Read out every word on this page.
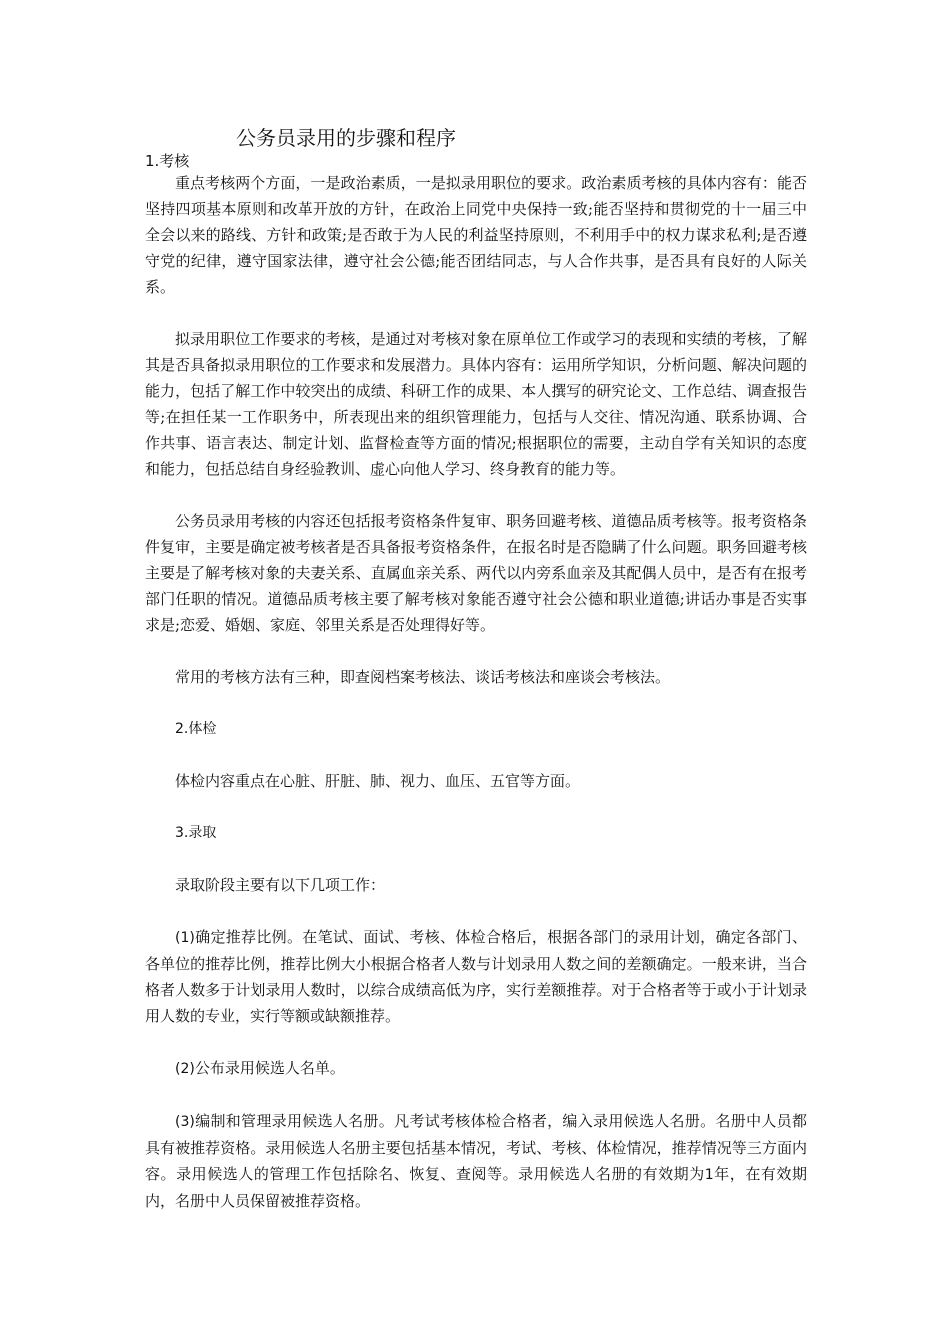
公务员录用的步骤和程序
1.考核

重点考核两个方面，一是政治素质，一是拟录用职位的要求。政治素质考核的具体内容有：能否坚持四项基本原则和改革开放的方针，在政治上同党中央保持一致;能否坚持和贯彻党的十一届三中全会以来的路线、方针和政策;是否敢于为人民的利益坚持原则，不利用手中的权力谋求私利;是否遵守党的纪律，遵守国家法律，遵守社会公德;能否团结同志，与人合作共事，是否具有良好的人际关系。

拟录用职位工作要求的考核，是通过对考核对象在原单位工作或学习的表现和实绩的考核，了解其是否具备拟录用职位的工作要求和发展潜力。具体内容有：运用所学知识，分析问题、解决问题的能力，包括了解工作中较突出的成绩、科研工作的成果、本人撰写的研究论文、工作总结、调查报告等;在担任某一工作职务中，所表现出来的组织管理能力，包括与人交往、情况沟通、联系协调、合作共事、语言表达、制定计划、监督检查等方面的情况;根据职位的需要，主动自学有关知识的态度和能力，包括总结自身经验教训、虚心向他人学习、终身教育的能力等。

公务员录用考核的内容还包括报考资格条件复审、职务回避考核、道德品质考核等。报考资格条件复审，主要是确定被考核者是否具备报考资格条件，在报名时是否隐瞒了什么问题。职务回避考核主要是了解考核对象的夫妻关系、直属血亲关系、两代以内旁系血亲及其配偶人员中，是否有在报考部门任职的情况。道德品质考核主要了解考核对象能否遵守社会公德和职业道德;讲话办事是否实事求是;恋爱、婚姻、家庭、邻里关系是否处理得好等。

常用的考核方法有三种，即查阅档案考核法、谈话考核法和座谈会考核法。

2.体检

体检内容重点在心脏、肝脏、肺、视力、血压、五官等方面。

3.录取

录取阶段主要有以下几项工作：

(1)确定推荐比例。在笔试、面试、考核、体检合格后，根据各部门的录用计划，确定各部门、各单位的推荐比例，推荐比例大小根据合格者人数与计划录用人数之间的差额确定。一般来讲，当合格者人数多于计划录用人数时，以综合成绩高低为序，实行差额推荐。对于合格者等于或小于计划录用人数的专业，实行等额或缺额推荐。

(2)公布录用候选人名单。

(3)编制和管理录用候选人名册。凡考试考核体检合格者，编入录用候选人名册。名册中人员都具有被推荐资格。录用候选人名册主要包括基本情况，考试、考核、体检情况，推荐情况等三方面内容。录用候选人的管理工作包括除名、恢复、查阅等。录用候选人名册的有效期为1年，在有效期内，名册中人员保留被推荐资格。
